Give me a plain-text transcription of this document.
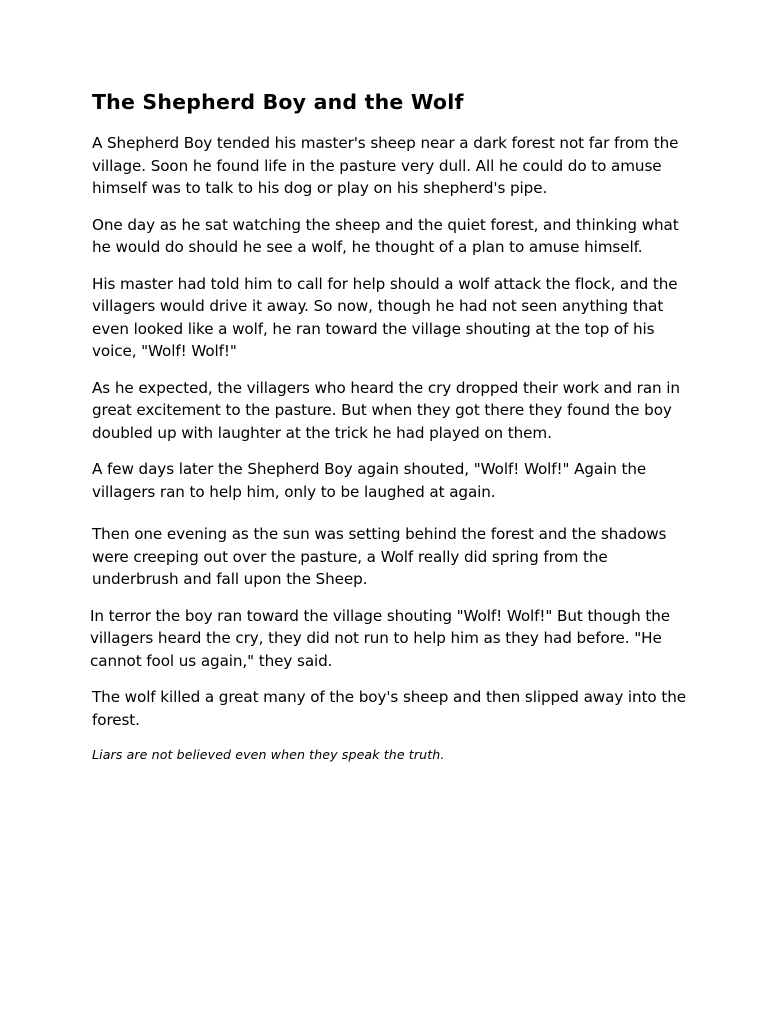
The Shepherd Boy and the Wolf

A Shepherd Boy tended his master's sheep near a dark forest not far from the village. Soon he found life in the pasture very dull. All he could do to amuse himself was to talk to his dog or play on his shepherd's pipe.

One day as he sat watching the sheep and the quiet forest, and thinking what he would do should he see a wolf, he thought of a plan to amuse himself.

His master had told him to call for help should a wolf attack the flock, and the villagers would drive it away. So now, though he had not seen anything that even looked like a wolf, he ran toward the village shouting at the top of his voice, "Wolf! Wolf!"

As he expected, the villagers who heard the cry dropped their work and ran in great excitement to the pasture. But when they got there they found the boy doubled up with laughter at the trick he had played on them.

A few days later the Shepherd Boy again shouted, "Wolf! Wolf!" Again the villagers ran to help him, only to be laughed at again.

Then one evening as the sun was setting behind the forest and the shadows were creeping out over the pasture, a Wolf really did spring from the underbrush and fall upon the Sheep.

In terror the boy ran toward the village shouting "Wolf! Wolf!" But though the villagers heard the cry, they did not run to help him as they had before. "He cannot fool us again," they said.

The wolf killed a great many of the boy's sheep and then slipped away into the forest.

Liars are not believed even when they speak the truth.
